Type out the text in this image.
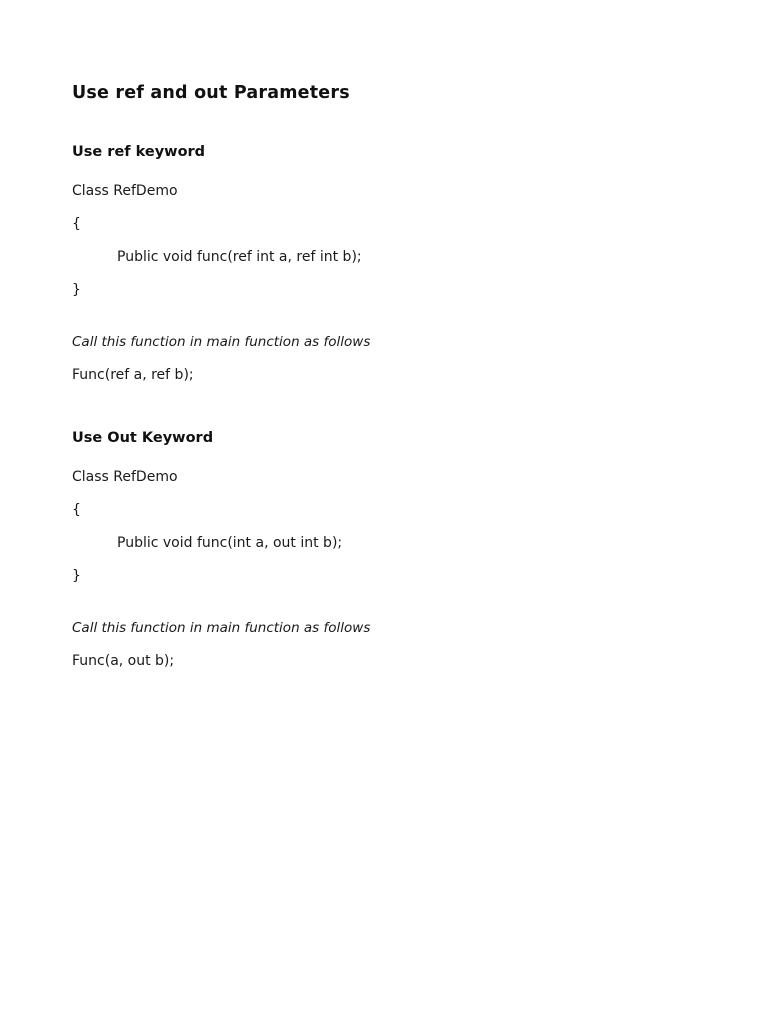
Use ref and out Parameters
Use ref keyword

Class RefDemo

{

Public void func(ref int a, ref int b);

}

Call this function in main function as follows

Func(ref a, ref b);

Use Out Keyword

Class RefDemo

{

Public void func(int a, out int b);

}

Call this function in main function as follows

Func(a, out b);
